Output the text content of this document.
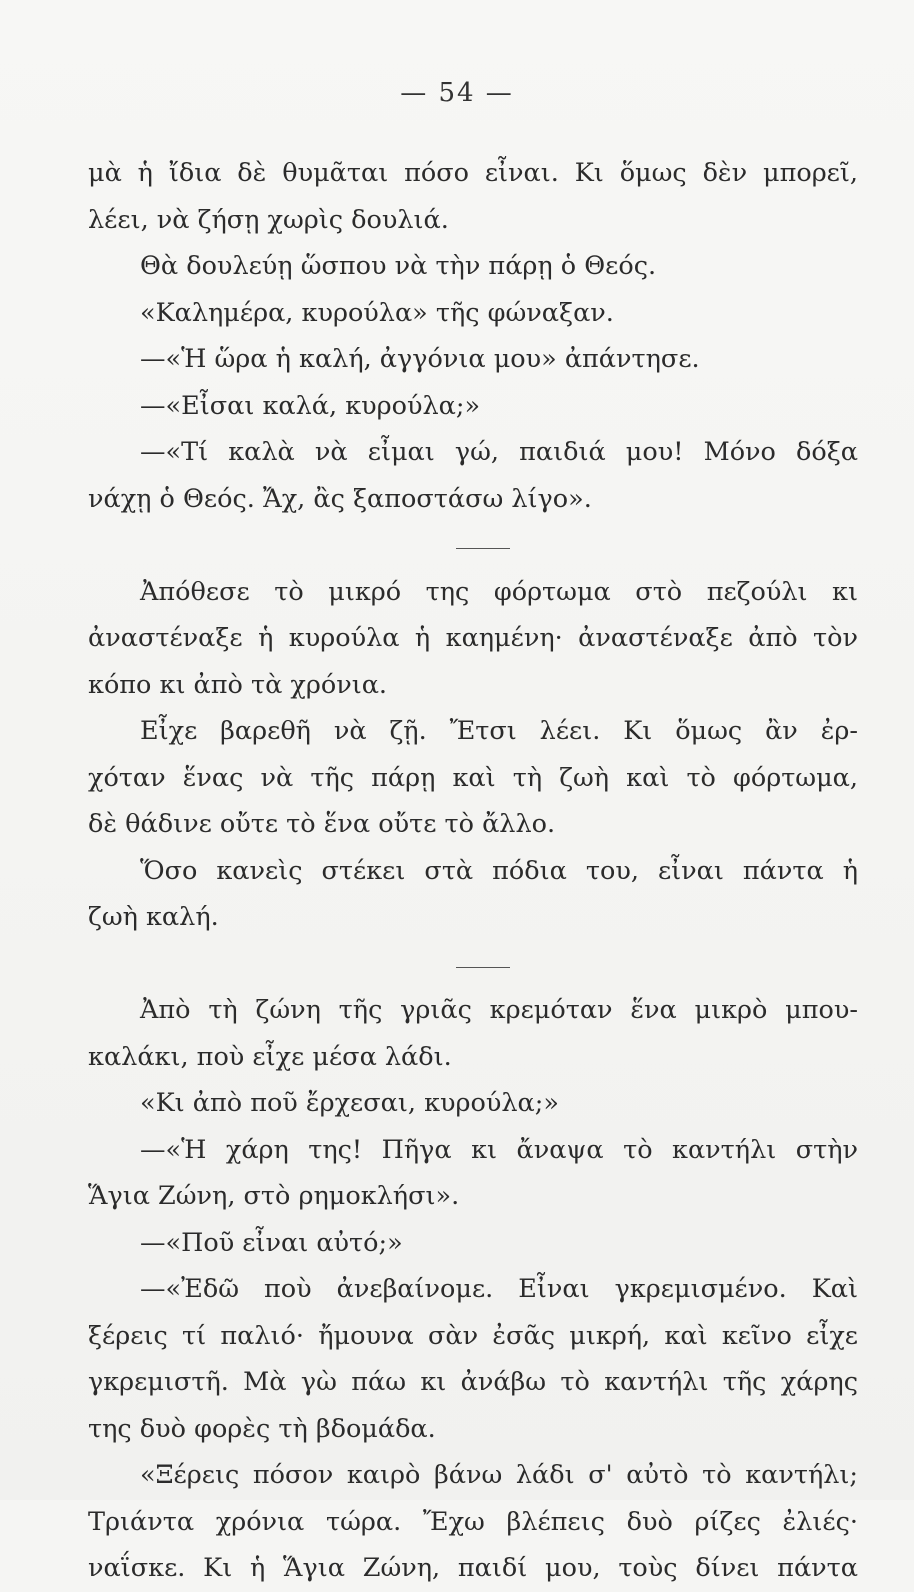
— 54 —
μὰ ἡ ἴδια δὲ θυμᾶται πόσο εἶναι. Κι ὅμως δὲν μπορεῖ,
λέει, νὰ ζήσῃ χωρὶς δουλιά.
Θὰ δουλεύῃ ὥσπου νὰ τὴν πάρῃ ὁ Θεός.
«Καλημέρα, κυρούλα» τῆς φώναξαν.
—«Ἡ ὥρα ἡ καλή, ἀγγόνια μου» ἀπάντησε.
—«Εἶσαι καλά, κυρούλα;»
—«Τί καλὰ νὰ εἶμαι γώ, παιδιά μου! Μόνο δόξα
νάχῃ ὁ Θεός. Ἄχ, ἂς ξαποστάσω λίγο».
Ἀπόθεσε τὸ μικρό της φόρτωμα στὸ πεζούλι κι
ἀναστέναξε ἡ κυρούλα ἡ καημένη· ἀναστέναξε ἀπὸ τὸν
κόπο κι ἀπὸ τὰ χρόνια.
Εἶχε βαρεθῆ νὰ ζῇ. Ἔτσι λέει. Κι ὅμως ἂν ἐρ-
χόταν ἕνας νὰ τῆς πάρῃ καὶ τὴ ζωὴ καὶ τὸ φόρτωμα,
δὲ θάδινε οὔτε τὸ ἕνα οὔτε τὸ ἄλλο.
Ὅσο κανεὶς στέκει στὰ πόδια του, εἶναι πάντα ἡ
ζωὴ καλή.
Ἀπὸ τὴ ζώνη τῆς γριᾶς κρεμόταν ἕνα μικρὸ μπου-
καλάκι, ποὺ εἶχε μέσα λάδι.
«Κι ἀπὸ ποῦ ἔρχεσαι, κυρούλα;»
—«Ἡ χάρη της! Πῆγα κι ἄναψα τὸ καντήλι στὴν
Ἅγια Ζώνη, στὸ ρημοκλήσι».
—«Ποῦ εἶναι αὐτό;»
—«Ἐδῶ ποὺ ἀνεβαίνομε. Εἶναι γκρεμισμένο. Καὶ
ξέρεις τί παλιό· ἤμουνα σὰν ἐσᾶς μικρή, καὶ κεῖνο εἶχε
γκρεμιστῆ. Μὰ γὼ πάω κι ἀνάβω τὸ καντήλι τῆς χάρης
της δυὸ φορὲς τὴ βδομάδα.
«Ξέρεις πόσον καιρὸ βάνω λάδι σ' αὐτὸ τὸ καντήλι;
Τριάντα χρόνια τώρα. Ἔχω βλέπεις δυὸ ρίζες ἐλιές·
ναΐσκε. Κι ἡ Ἅγια Ζώνη, παιδί μου, τοὺς δίνει πάντα
